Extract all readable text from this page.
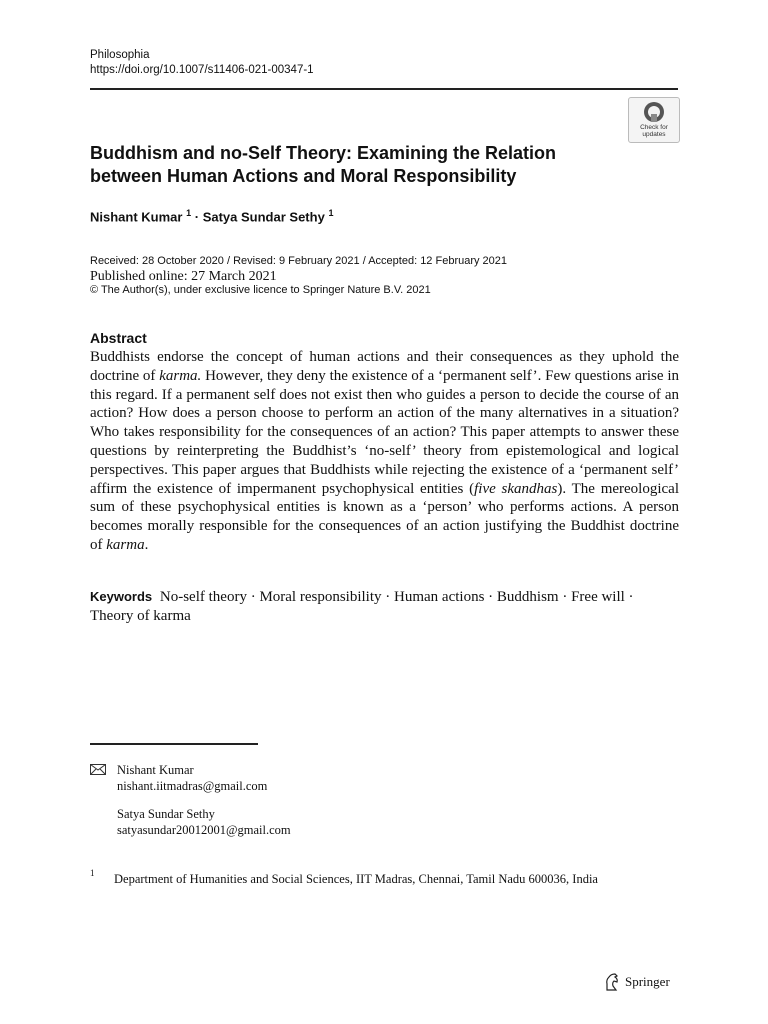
Philosophia
https://doi.org/10.1007/s11406-021-00347-1
Check for
updates
Buddhism and no-Self Theory: Examining the Relation between Human Actions and Moral Responsibility
Nishant Kumar $^1$ · Satya Sundar Sethy $^1$
Received: 28 October 2020 / Revised: 9 February 2021 / Accepted: 12 February 2021
Published online: 27 March 2021
© The Author(s), under exclusive licence to Springer Nature B.V. 2021
Abstract

Buddhists endorse the concept of human actions and their consequences as they uphold the doctrine of karma. However, they deny the existence of a ‘permanent self’. Few questions arise in this regard. If a permanent self does not exist then who guides a person to decide the course of an action? How does a person choose to perform an action of the many alternatives in a situation? Who takes responsibility for the consequences of an action? This paper attempts to answer these questions by reinterpreting the Buddhist’s ‘no-self’ theory from epistemological and logical perspectives. This paper argues that Buddhists while rejecting the existence of a ‘permanent self’ affirm the existence of impermanent psychophysical entities (five skandhas). The mereological sum of these psychophysical entities is known as a ‘person’ who performs actions. A person becomes morally responsible for the consequences of an action justifying the Buddhist doctrine of karma.

Keywords No-self theory · Moral responsibility · Human actions · Buddhism · Free will · Theory of karma
Nishant Kumar
nishant.iitmadras@gmail.com
Satya Sundar Sethy
satyasundar20012001@gmail.com
1 Department of Humanities and Social Sciences, IIT Madras, Chennai, Tamil Nadu 600036, India
Springer
